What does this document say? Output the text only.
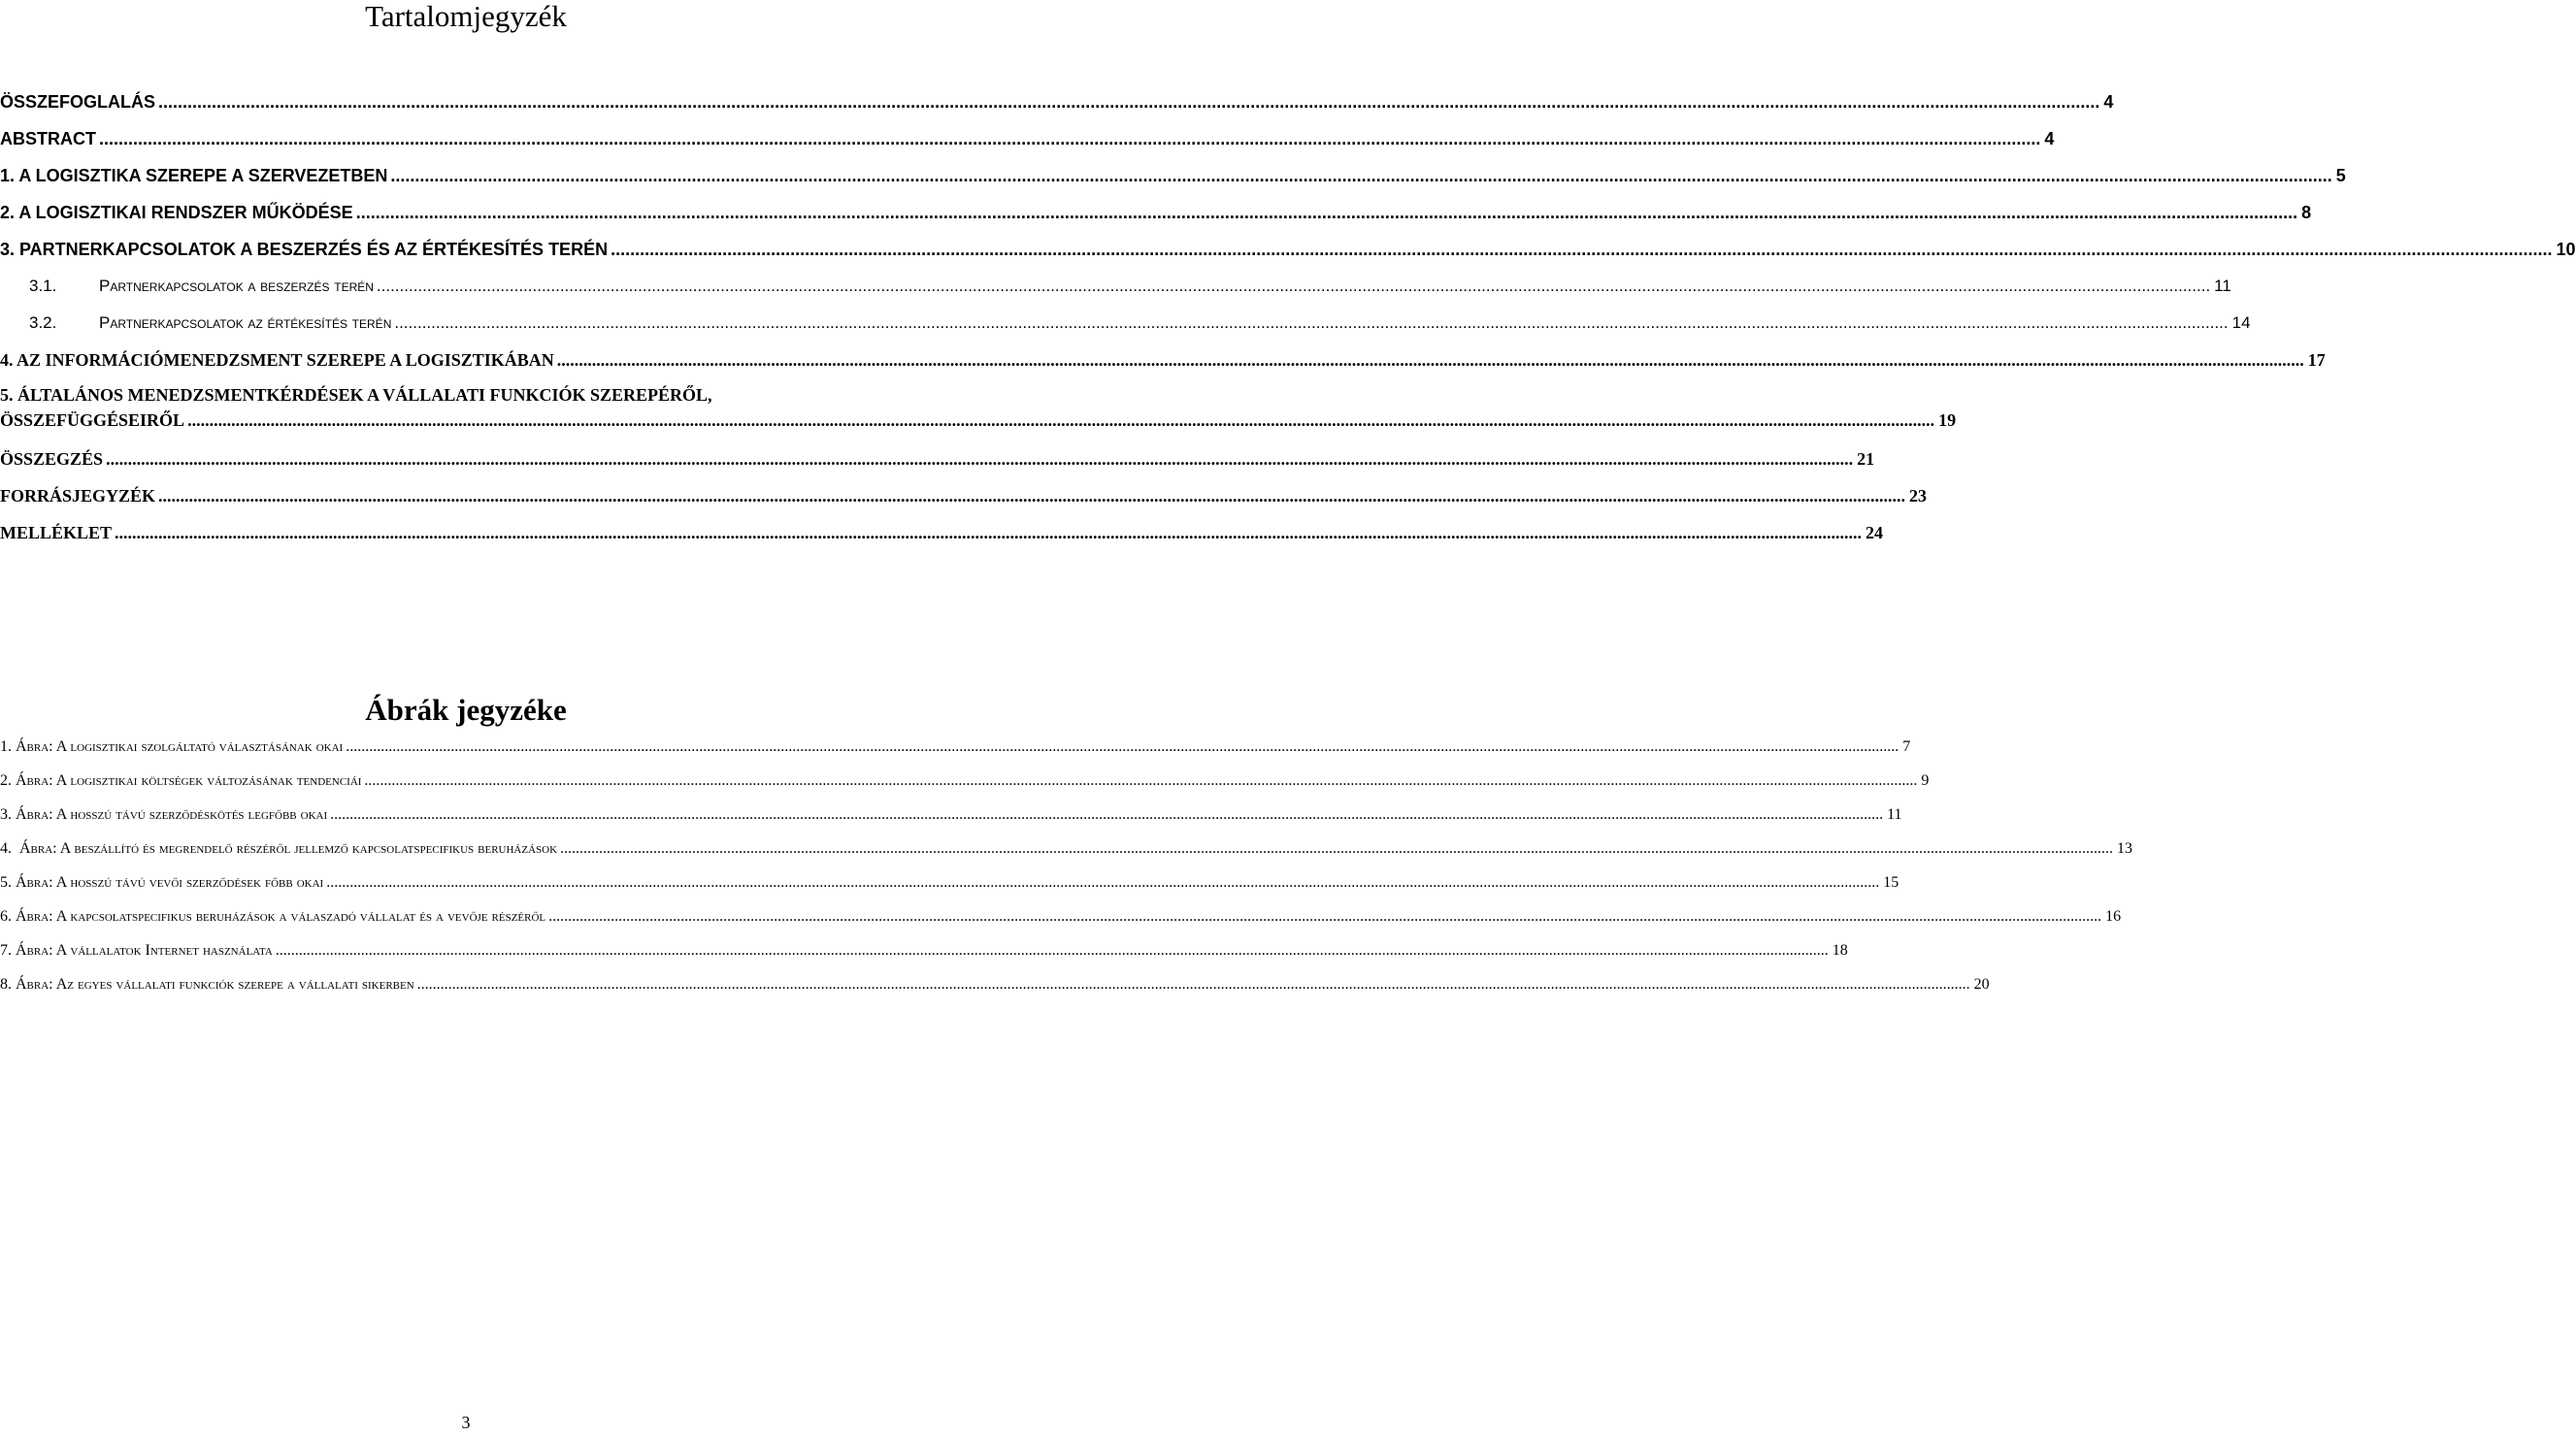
Tartalomjegyzék
ÖSSZEFOGLALÁS ................................................................................................................................................................................................................................................................................................................................................................................................................ 4
ABSTRACT ................................................................................................................................................................................................................................................................................................................................................................................................................ 4
1. A LOGISZTIKA SZEREPE A SZERVEZETBEN ................................................................................................................................................................................................................................................................................................................................................................................................................ 5
2. A LOGISZTIKAI RENDSZER MŰKÖDÉSE ................................................................................................................................................................................................................................................................................................................................................................................................................ 8
3. PARTNERKAPCSOLATOK A BESZERZÉS ÉS AZ ÉRTÉKESÍTÉS TERÉN ................................................................................................................................................................................................................................................................................................................................................................................................................ 10
3.1.	Partnerkapcsolatok a beszerzés terén ................................................................................................................................................................................................................................................................................................................................................................................................................ 11
3.2.	Partnerkapcsolatok az értékesítés terén ................................................................................................................................................................................................................................................................................................................................................................................................................ 14
4. AZ INFORMÁCIÓMENEDZSMENT SZEREPE A LOGISZTIKÁBAN ................................................................................................................................................................................................................................................................................................................................................................................................................ 17
5. ÁLTALÁNOS MENEDZSMENTKÉRDÉSEK A VÁLLALATI FUNKCIÓK SZEREPÉRŐL,
ÖSSZEFÜGGÉSEIRŐL ................................................................................................................................................................................................................................................................................................................................................................................................................ 19
ÖSSZEGZÉS ................................................................................................................................................................................................................................................................................................................................................................................................................ 21
FORRÁSJEGYZÉK ................................................................................................................................................................................................................................................................................................................................................................................................................ 23
MELLÉKLET ................................................................................................................................................................................................................................................................................................................................................................................................................ 24
Ábrák jegyzéke
1. Ábra: A logisztikai szolgáltató választásának okai ................................................................................................................................................................................................................................................................................................................................................................................................................ 7
2. Ábra: A logisztikai költségek változásának tendenciái ................................................................................................................................................................................................................................................................................................................................................................................................................ 9
3. Ábra: A hosszú távú szerződéskötés legfőbb okai ................................................................................................................................................................................................................................................................................................................................................................................................................ 11
4.  Ábra: A beszállító és megrendelő részéről jellemző kapcsolatspecifikus beruházások ................................................................................................................................................................................................................................................................................................................................................................................................................ 13
5. Ábra: A hosszú távú vevői szerződések főbb okai ................................................................................................................................................................................................................................................................................................................................................................................................................ 15
6. Ábra: A kapcsolatspecifikus beruházások a válaszadó vállalat és a vevője részéről ................................................................................................................................................................................................................................................................................................................................................................................................................ 16
7. Ábra: A vállalatok Internet használata ................................................................................................................................................................................................................................................................................................................................................................................................................ 18
8. Ábra: Az egyes vállalati funkciók szerepe a vállalati sikerben ................................................................................................................................................................................................................................................................................................................................................................................................................ 20
3
